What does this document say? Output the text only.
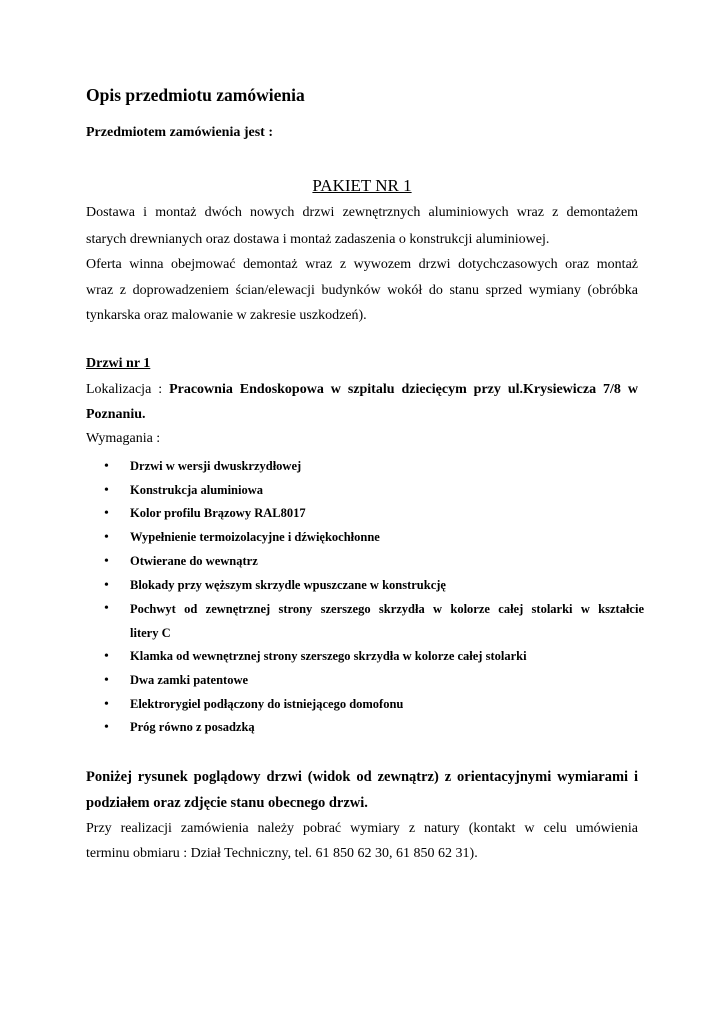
Opis przedmiotu zamówienia
Przedmiotem zamówienia jest :
PAKIET NR 1
Dostawa i montaż dwóch nowych drzwi zewnętrznych aluminiowych wraz z demontażem
starych drewnianych oraz dostawa i montaż zadaszenia o konstrukcji aluminiowej.
Oferta winna obejmować demontaż wraz z wywozem drzwi dotychczasowych oraz montaż
wraz z doprowadzeniem ścian/elewacji budynków wokół do stanu sprzed wymiany (obróbka
tynkarska oraz malowanie w zakresie uszkodzeń).
Drzwi nr 1
Lokalizacja : Pracownia Endoskopowa w szpitalu dziecięcym przy ul.Krysiewicza 7/8 w
Poznaniu.
Wymagania :
• Drzwi w wersji dwuskrzydłowej
• Konstrukcja aluminiowa
• Kolor profilu Brązowy RAL8017
• Wypełnienie termoizolacyjne i dźwiękochłonne
• Otwierane do wewnątrz
• Blokady przy węższym skrzydle wpuszczane w konstrukcję
• Pochwyt od zewnętrznej strony szerszego skrzydła w kolorze całej stolarki w kształcie
litery C
• Klamka od wewnętrznej strony szerszego skrzydła w kolorze całej stolarki
• Dwa zamki patentowe
• Elektrorygiel podłączony do istniejącego domofonu
• Próg równo z posadzką
Poniżej rysunek poglądowy drzwi (widok od zewnątrz) z orientacyjnymi wymiarami i
podziałem oraz zdjęcie stanu obecnego drzwi.
Przy realizacji zamówienia należy pobrać wymiary z natury (kontakt w celu umówienia
terminu obmiaru : Dział Techniczny, tel. 61 850 62 30, 61 850 62 31).
